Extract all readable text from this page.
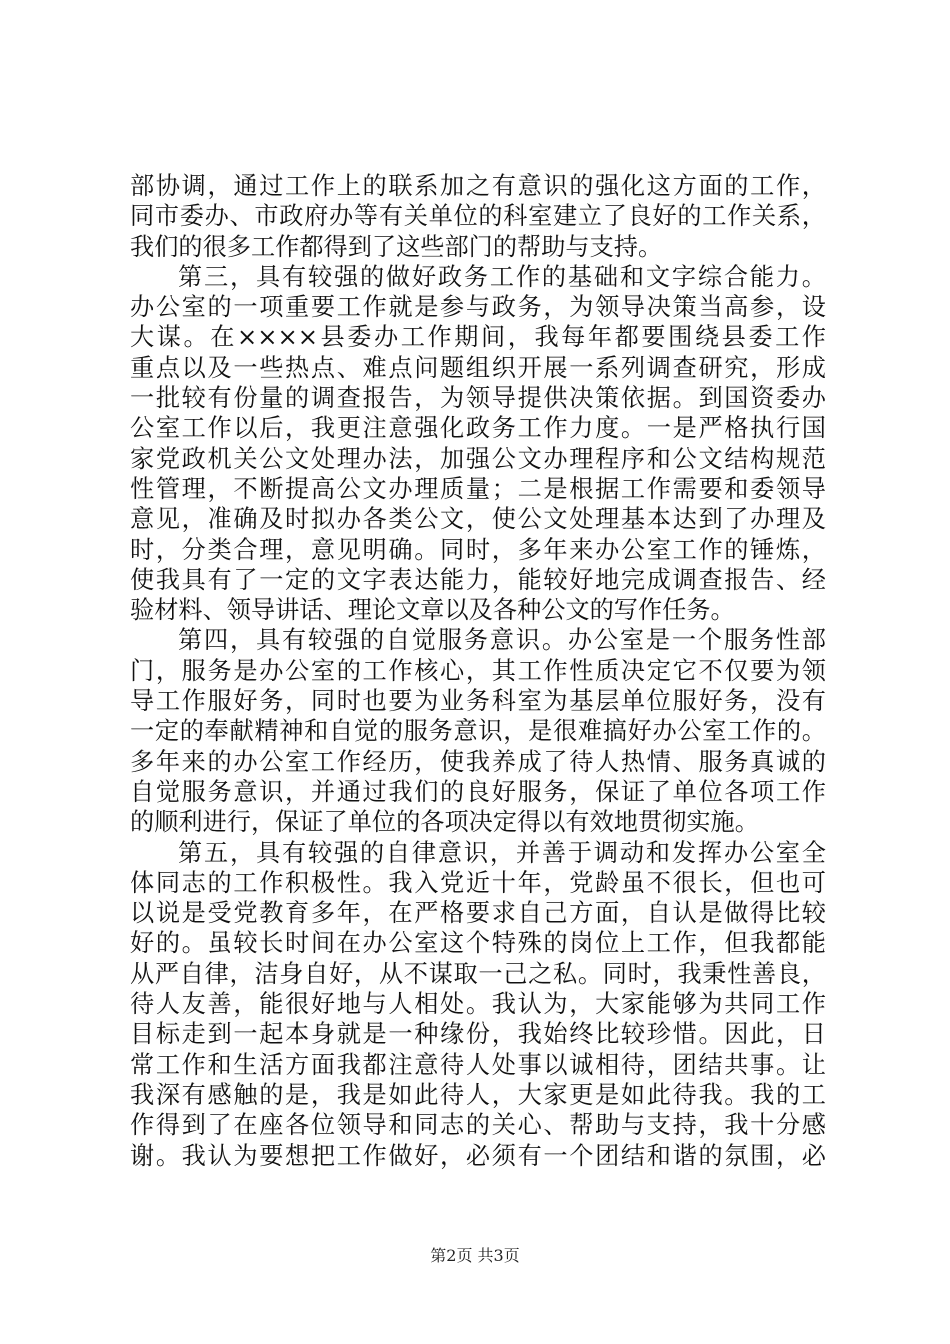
部协调，通过工作上的联系加之有意识的强化这方面的工作，
同市委办、市政府办等有关单位的科室建立了良好的工作关系，
我们的很多工作都得到了这些部门的帮助与支持。
第三，具有较强的做好政务工作的基础和文字综合能力。
办公室的一项重要工作就是参与政务，为领导决策当高参，设
大谋。在××××县委办工作期间，我每年都要围绕县委工作
重点以及一些热点、难点问题组织开展一系列调查研究，形成
一批较有份量的调查报告，为领导提供决策依据。到国资委办
公室工作以后，我更注意强化政务工作力度。一是严格执行国
家党政机关公文处理办法，加强公文办理程序和公文结构规范
性管理，不断提高公文办理质量；二是根据工作需要和委领导
意见，准确及时拟办各类公文，使公文处理基本达到了办理及
时，分类合理，意见明确。同时，多年来办公室工作的锤炼，
使我具有了一定的文字表达能力，能较好地完成调查报告、经
验材料、领导讲话、理论文章以及各种公文的写作任务。
第四，具有较强的自觉服务意识。办公室是一个服务性部
门，服务是办公室的工作核心，其工作性质决定它不仅要为领
导工作服好务，同时也要为业务科室为基层单位服好务，没有
一定的奉献精神和自觉的服务意识，是很难搞好办公室工作的。
多年来的办公室工作经历，使我养成了待人热情、服务真诚的
自觉服务意识，并通过我们的良好服务，保证了单位各项工作
的顺利进行，保证了单位的各项决定得以有效地贯彻实施。
第五，具有较强的自律意识，并善于调动和发挥办公室全
体同志的工作积极性。我入党近十年，党龄虽不很长，但也可
以说是受党教育多年，在严格要求自己方面，自认是做得比较
好的。虽较长时间在办公室这个特殊的岗位上工作，但我都能
从严自律，洁身自好，从不谋取一己之私。同时，我秉性善良，
待人友善，能很好地与人相处。我认为，大家能够为共同工作
目标走到一起本身就是一种缘份，我始终比较珍惜。因此，日
常工作和生活方面我都注意待人处事以诚相待，团结共事。让
我深有感触的是，我是如此待人，大家更是如此待我。我的工
作得到了在座各位领导和同志的关心、帮助与支持，我十分感
谢。我认为要想把工作做好，必须有一个团结和谐的氛围，必
第2页 共3页
